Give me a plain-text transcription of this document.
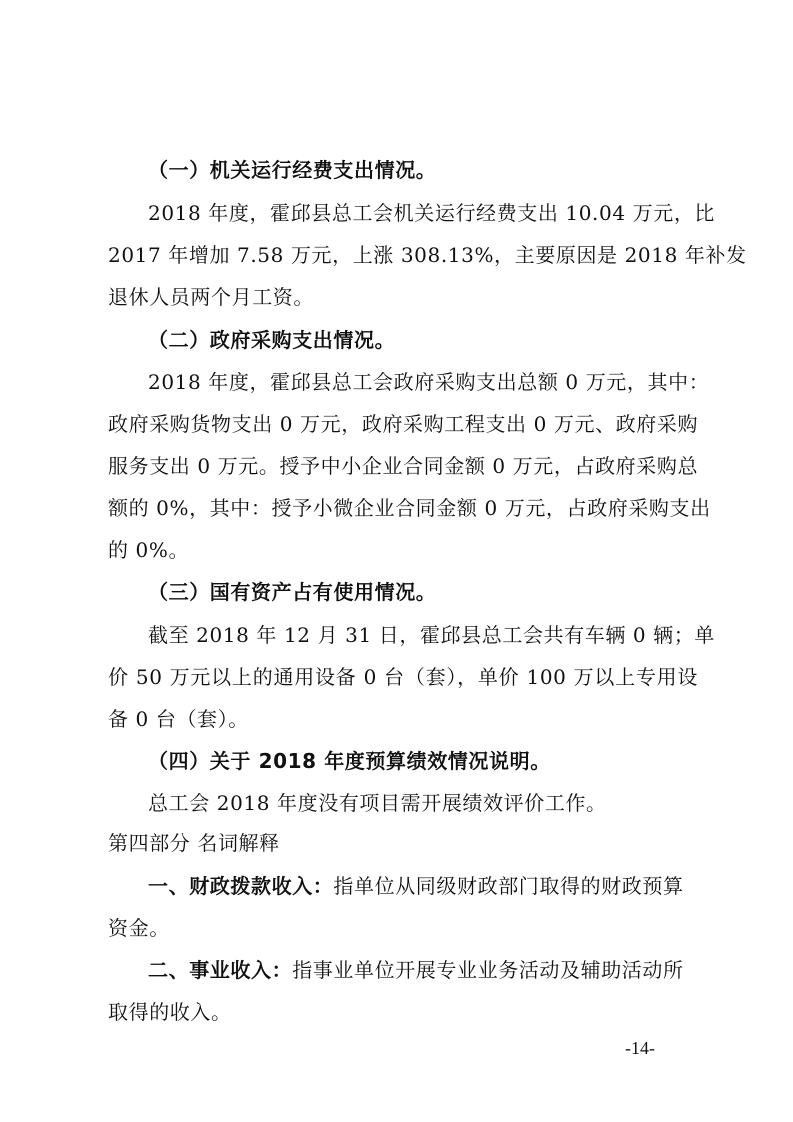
（一）机关运行经费支出情况。
2018 年度，霍邱县总工会机关运行经费支出 10.04 万元，比
2017 年增加 7.58 万元，上涨 308.13%，主要原因是 2018 年补发
退休人员两个月工资。
（二）政府采购支出情况。
2018 年度，霍邱县总工会政府采购支出总额 0 万元，其中：
政府采购货物支出 0 万元，政府采购工程支出 0 万元、政府采购
服务支出 0 万元。授予中小企业合同金额 0 万元，占政府采购总
额的 0%，其中：授予小微企业合同金额 0 万元，占政府采购支出
的 0%。
（三）国有资产占有使用情况。
截至 2018 年 12 月 31 日，霍邱县总工会共有车辆 0 辆；单
价 50 万元以上的通用设备 0 台（套），单价 100 万以上专用设
备 0 台（套）。
（四）关于 2018 年度预算绩效情况说明。
总工会 2018 年度没有项目需开展绩效评价工作。
第四部分 名词解释
一、财政拨款收入：指单位从同级财政部门取得的财政预算
资金。
二、事业收入：指事业单位开展专业业务活动及辅助活动所
取得的收入。
-14-
